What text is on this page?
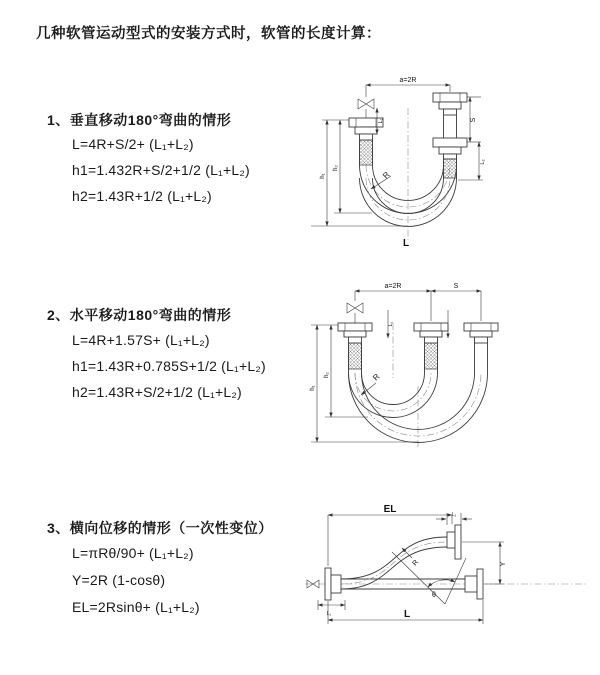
几种软管运动型式的安装方式时，软管的长度计算：
1、垂直移动180°弯曲的情形
L=4R+S/2+ (L₁+L₂)
h1=1.432R+S/2+1/2 (L₁+L₂)
h2=1.43R+1/2 (L₁+L₂)
2、水平移动180°弯曲的情形
L=4R+1.57S+ (L₁+L₂)
h1=1.43R+0.785S+1/2 (L₁+L₂)
h2=1.43R+S/2+1/2 (L₁+L₂)
3、横向位移的情形（一次性变位）
L=πRθ/90+ (L₁+L₂)
Y=2R (1-cosθ)
EL=2Rsinθ+ (L₁+L₂)
a=2R
L₁	S
L₂
h₁
h₂
R
L
a=2R	S
L₁
h₁
h₂	R
EL	L₂
Y
R
θ
L₁	L
